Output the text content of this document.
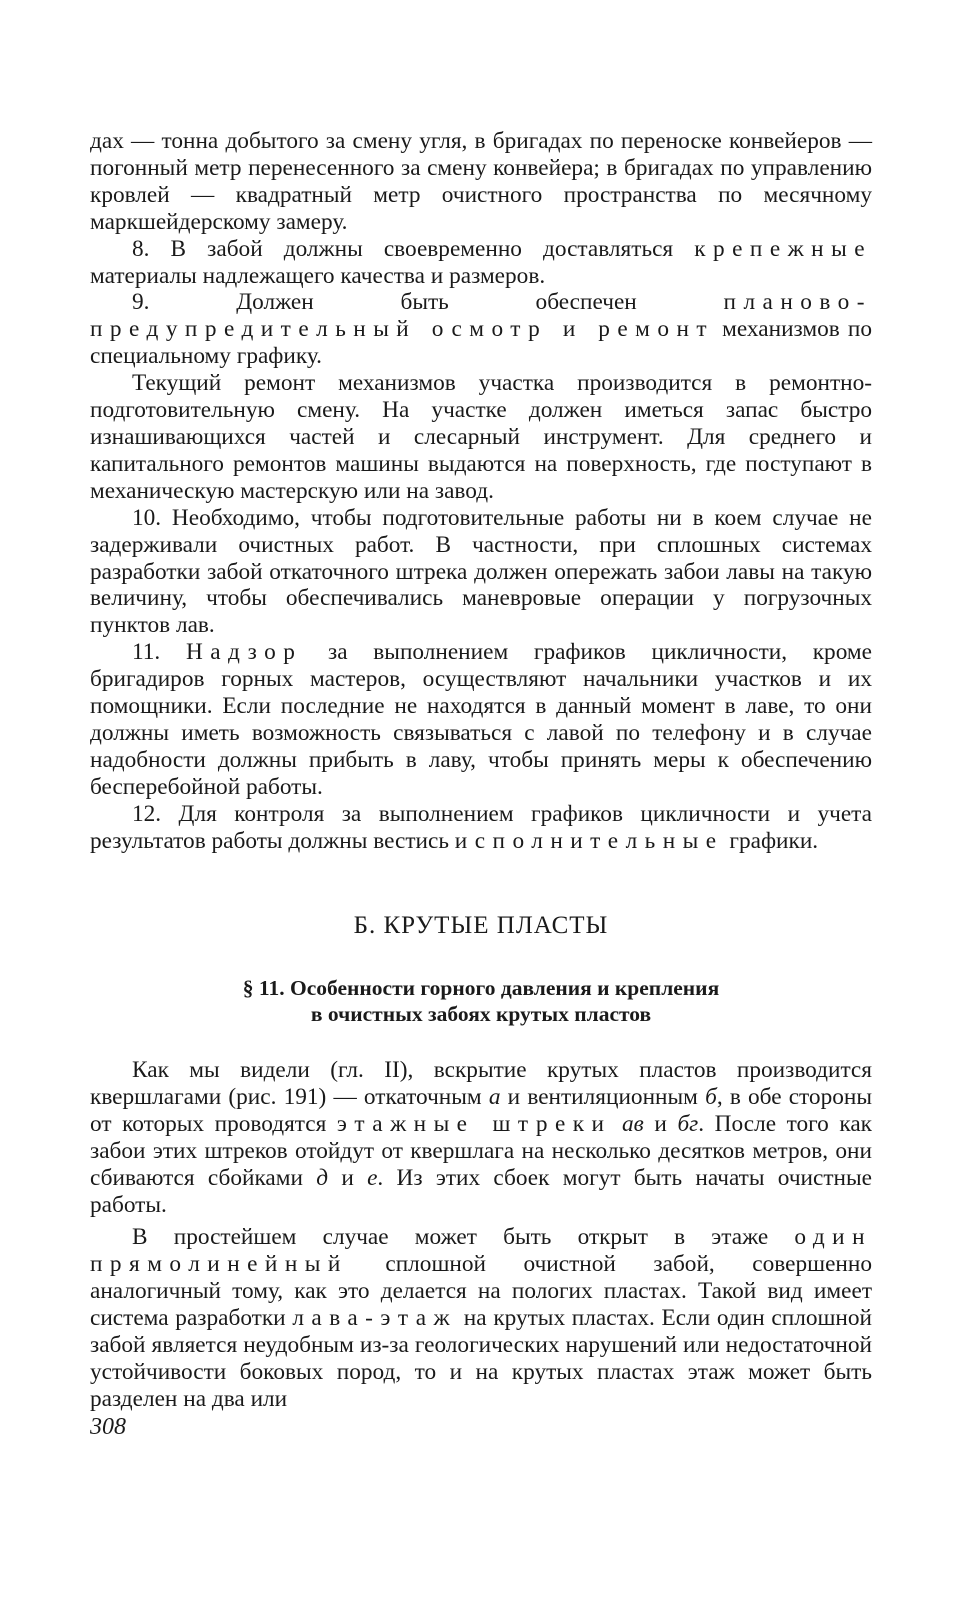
дах — тонна добытого за смену угля, в бригадах по переноске конвейеров — погонный метр перенесенного за смену конвейера; в бригадах по управлению кровлей — квадратный метр очистного пространства по месячному маркшейдерскому замеру.

8. В забой должны своевременно доставляться крепежные материалы надлежащего качества и размеров.

9. Должен быть обеспечен планово-предупредительный осмотр и ремонт механизмов по специальному графику.

Текущий ремонт механизмов участка производится в ремонтно-подготовительную смену. На участке должен иметься запас быстро изнашивающихся частей и слесарный инструмент. Для среднего и капитального ремонтов машины выдаются на поверхность, где поступают в механическую мастерскую или на завод.

10. Необходимо, чтобы подготовительные работы ни в коем случае не задерживали очистных работ. В частности, при сплошных системах разработки забой откаточного штрека должен опережать забои лавы на такую величину, чтобы обеспечивались маневровые операции у погрузочных пунктов лав.

11. Надзор за выполнением графиков цикличности, кроме бригадиров горных мастеров, осуществляют начальники участков и их помощники. Если последние не находятся в данный момент в лаве, то они должны иметь возможность связываться с лавой по телефону и в случае надобности должны прибыть в лаву, чтобы принять меры к обеспечению бесперебойной работы.

12. Для контроля за выполнением графиков цикличности и учета результатов работы должны вестись исполнительные графики.

Б. КРУТЫЕ ПЛАСТЫ
§ 11. Особенности горного давления и крепления
в очистных забоях крутых пластов

Как мы видели (гл. II), вскрытие крутых пластов производится квершлагами (рис. 191) — откаточным а и вентиляционным б, в обе стороны от которых проводятся этажные штреки ав и бг. После того как забои этих штреков отойдут от квершлага на несколько десятков метров, они сбиваются сбойками д и е. Из этих сбоек могут быть начаты очистные работы.

В простейшем случае может быть открыт в этаже один прямолинейный сплошной очистной забой, совершенно аналогичный тому, как это делается на пологих пластах. Такой вид имеет система разработки лава-этаж на крутых пластах. Если один сплошной забой является неудобным из-за геологических нарушений или недостаточной устойчивости боковых пород, то и на крутых пластах этаж может быть разделен на два или

308
